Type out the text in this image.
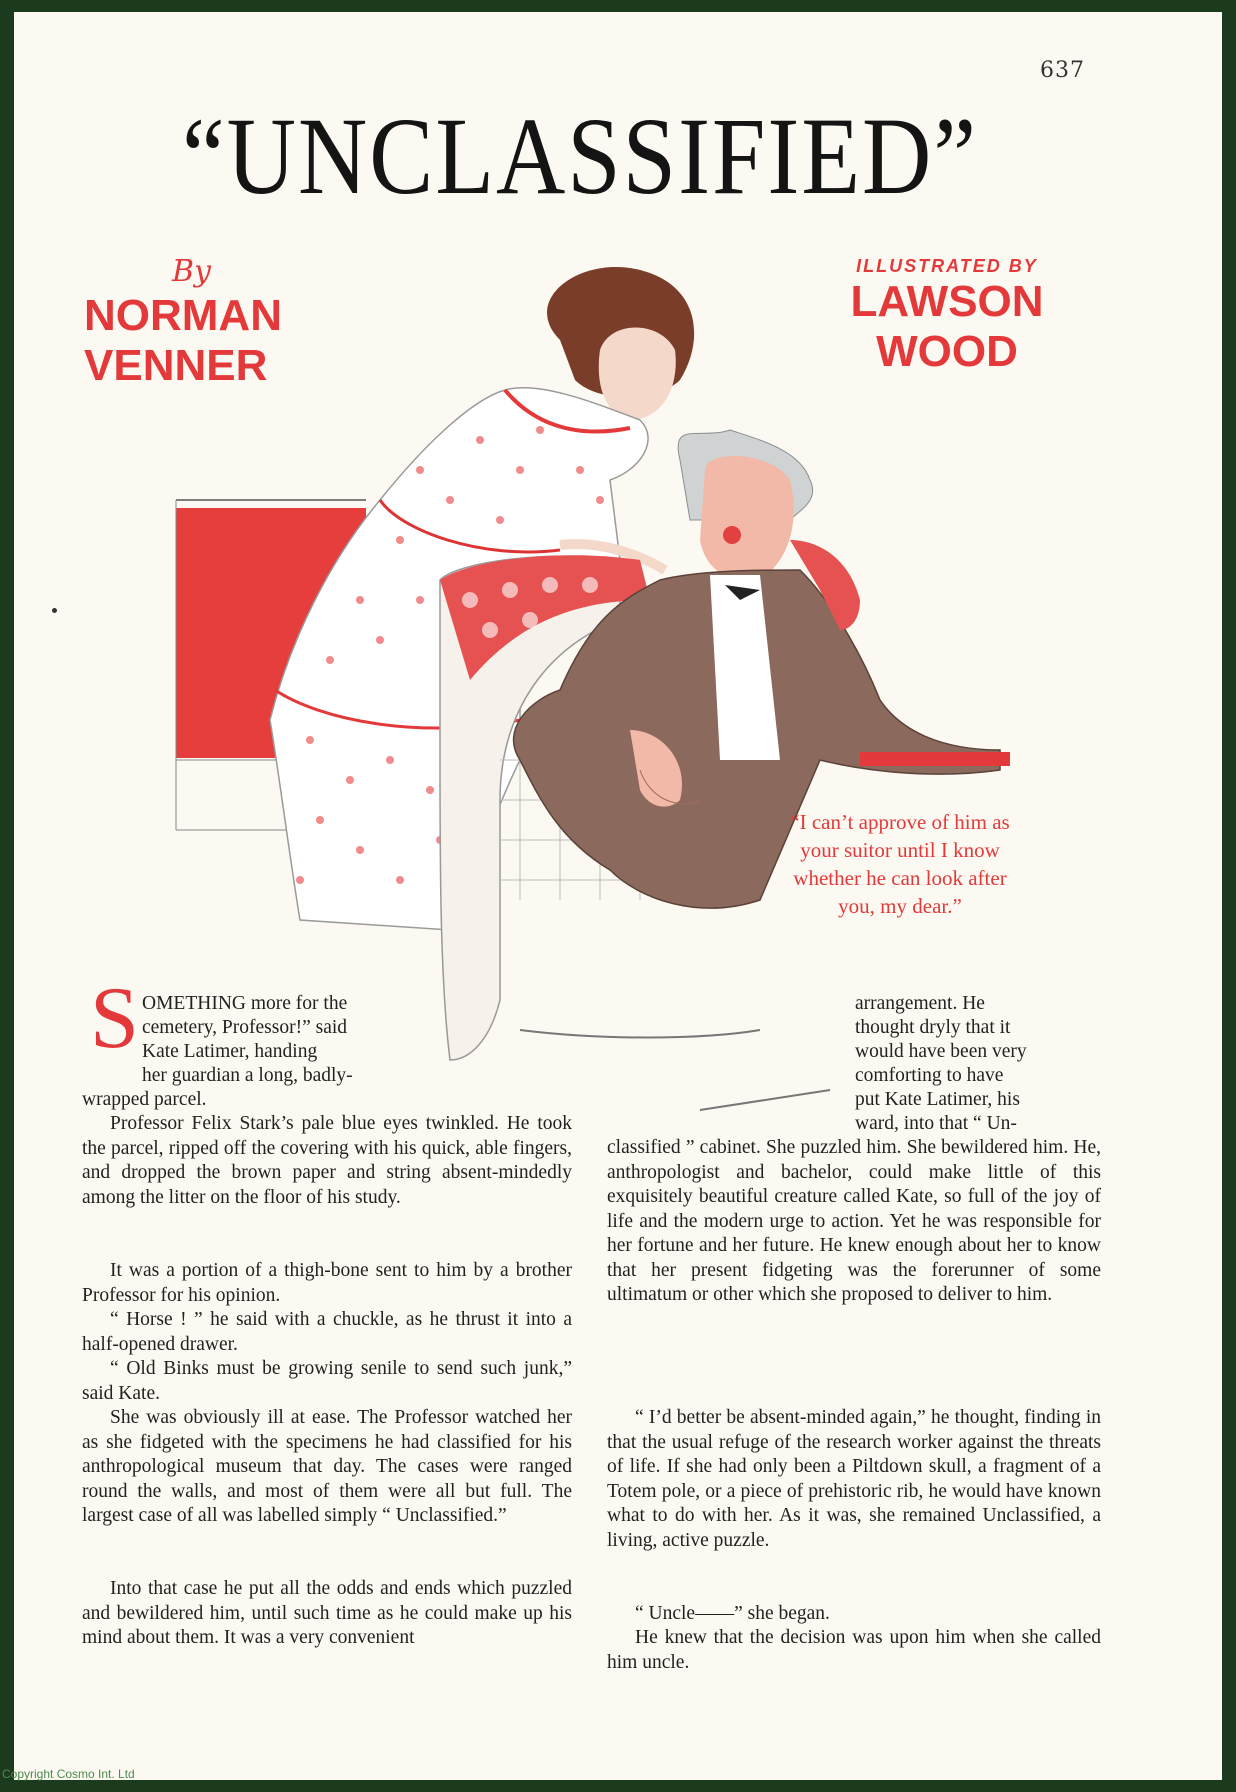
637
“UNCLASSIFIED”
By
NORMAN
VENNER
ILLUSTRATED BY
LAWSON
WOOD
“I can’t approve of him as your suitor until I know whether he can look after you, my dear.”
S OMETHING more for the
cemetery, Professor!” said
Kate Latimer, handing
her guardian a long, badly-
wrapped parcel.
Professor Felix Stark’s pale blue eyes twinkled. He took the parcel, ripped off the covering with his quick, able fingers, and dropped the brown paper and string absent-mindedly among the litter on the floor of his study.
It was a portion of a thigh-bone sent to him by a brother Professor for his opinion.
“ Horse ! ” he said with a chuckle, as he thrust it into a half-opened drawer.
“ Old Binks must be growing senile to send such junk,” said Kate.
She was obviously ill at ease. The Professor watched her as she fidgeted with the specimens he had classified for his anthropological museum that day. The cases were ranged round the walls, and most of them were all but full. The largest case of all was labelled simply “ Unclassified.”
Into that case he put all the odds and ends which puzzled and bewildered him, until such time as he could make up his mind about them. It was a very convenient
arrangement. He
thought dryly that it
would have been very
comforting to have
put Kate Latimer, his
ward, into that “ Un-
classified ” cabinet. She puzzled him. She bewildered him. He, anthropologist and bachelor, could make little of this exquisitely beautiful creature called Kate, so full of the joy of life and the modern urge to action. Yet he was responsible for her fortune and her future. He knew enough about her to know that her present fidgeting was the forerunner of some ultimatum or other which she proposed to deliver to him.
“ I’d better be absent-minded again,” he thought, finding in that the usual refuge of the research worker against the threats of life. If she had only been a Piltdown skull, a fragment of a Totem pole, or a piece of prehistoric rib, he would have known what to do with her. As it was, she remained Unclassified, a living, active puzzle.
“ Uncle——” she began.
He knew that the decision was upon him when she called him uncle.
Copyright Cosmo Int. Ltd
